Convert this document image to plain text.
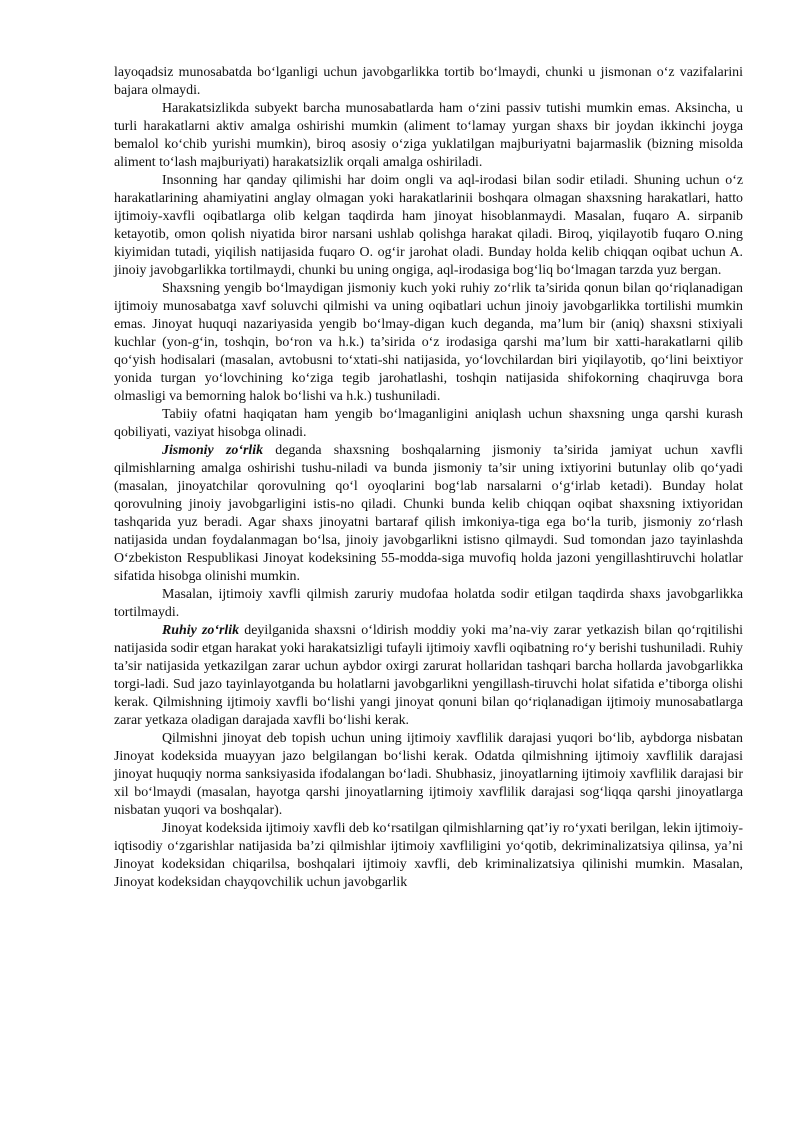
layoqadsiz munosabatda bo‘lganligi uchun javobgarlikka tortib bo‘lmaydi, chunki u jismonan o‘z vazifalarini bajara olmaydi.

Harakatsizlikda subyekt barcha munosabatlarda ham o‘zini passiv tutishi mumkin emas. Aksincha, u turli harakatlarni aktiv amalga oshirishi mumkin (aliment to‘lamay yurgan shaxs bir joydan ikkinchi joyga bemalol ko‘chib yurishi mumkin), biroq asosiy o‘ziga yuklatilgan majburiyatni bajarmaslik (bizning misolda aliment to‘lash majburiyati) harakatsizlik orqali amalga oshiriladi.

Insonning har qanday qilimishi har doim ongli va aql-irodasi bilan sodir etiladi. Shuning uchun o‘z harakatlarining ahamiyatini anglay olmagan yoki harakatlarinii boshqara olmagan shaxsning harakatlari, hatto ijtimoiy-xavfli oqibatlarga olib kelgan taqdirda ham jinoyat hisoblanmaydi. Masalan, fuqaro A. sirpanib ketayotib, omon qolish niyatida biror narsani ushlab qolishga harakat qiladi. Biroq, yiqilayotib fuqaro O.ning kiyimidan tutadi, yiqilish natijasida fuqaro O. og‘ir jarohat oladi. Bunday holda kelib chiqqan oqibat uchun A. jinoiy javobgarlikka tortilmaydi, chunki bu uning ongiga, aql-irodasiga bog‘liq bo‘lmagan tarzda yuz bergan.

Shaxsning yengib bo‘lmaydigan jismoniy kuch yoki ruhiy zo‘rlik ta’sirida qonun bilan qo‘riqlanadigan ijtimoiy munosabatga xavf soluvchi qilmishi va uning oqibatlari uchun jinoiy javobgarlikka tortilishi mumkin emas. Jinoyat huquqi nazariyasida yengib bo‘lmay-digan kuch deganda, ma’lum bir (aniq) shaxsni stixiyali kuchlar (yon-g‘in, toshqin, bo‘ron va h.k.) ta’sirida o‘z irodasiga qarshi ma’lum bir xatti-harakatlarni qilib qo‘yish hodisalari (masalan, avtobusni to‘xtati-shi natijasida, yo‘lovchilardan biri yiqilayotib, qo‘lini beixtiyor yonida turgan yo‘lovchining ko‘ziga tegib jarohatlashi, toshqin natijasida shifokorning chaqiruvga bora olmasligi va bemorning halok bo‘lishi va h.k.) tushuniladi.

Tabiiy ofatni haqiqatan ham yengib bo‘lmaganligini aniqlash uchun shaxsning unga qarshi kurash qobiliyati, vaziyat hisobga olinadi.

Jismoniy zo‘rlik deganda shaxsning boshqalarning jismoniy ta’sirida jamiyat uchun xavfli qilmishlarning amalga oshirishi tushu-niladi va bunda jismoniy ta’sir uning ixtiyorini butunlay olib qo‘yadi (masalan, jinoyatchilar qorovulning qo‘l oyoqlarini bog‘lab narsalarni o‘g‘irlab ketadi). Bunday holat qorovulning jinoiy javobgarligini istis-no qiladi. Chunki bunda kelib chiqqan oqibat shaxsning ixtiyoridan tashqarida yuz beradi. Agar shaxs jinoyatni bartaraf qilish imkoniya-tiga ega bo‘la turib, jismoniy zo‘rlash natijasida undan foydalanmagan bo‘lsa, jinoiy javobgarlikni istisno qilmaydi. Sud tomondan jazo tayinlashda O‘zbekiston Respublikasi Jinoyat kodeksining 55-modda-siga muvofiq holda jazoni yengillashtiruvchi holatlar sifatida hisobga olinishi mumkin.

Masalan, ijtimoiy xavfli qilmish zaruriy mudofaa holatda sodir etilgan taqdirda shaxs javobgarlikka tortilmaydi.

Ruhiy zo‘rlik deyilganida shaxsni o‘ldirish moddiy yoki ma’na-viy zarar yetkazish bilan qo‘rqitilishi natijasida sodir etgan harakat yoki harakatsizligi tufayli ijtimoiy xavfli oqibatning ro‘y berishi tushuniladi. Ruhiy ta’sir natijasida yetkazilgan zarar uchun aybdor oxirgi zarurat hollaridan tashqari barcha hollarda javobgarlikka torgi-ladi. Sud jazo tayinlayotganda bu holatlarni javobgarlikni yengillash-tiruvchi holat sifatida e’tiborga olishi kerak. Qilmishning ijtimoiy xavfli bo‘lishi yangi jinoyat qonuni bilan qo‘riqlanadigan ijtimoiy munosabatlarga zarar yetkaza oladigan darajada xavfli bo‘lishi kerak.

Qilmishni jinoyat deb topish uchun uning ijtimoiy xavflilik darajasi yuqori bo‘lib, aybdorga nisbatan Jinoyat kodeksida muayyan jazo belgilangan bo‘lishi kerak. Odatda qilmishning ijtimoiy xavflilik darajasi jinoyat huquqiy norma sanksiyasida ifodalangan bo‘ladi. Shubhasiz, jinoyatlarning ijtimoiy xavflilik darajasi bir xil bo‘lmaydi (masalan, hayotga qarshi jinoyatlarning ijtimoiy xavflilik darajasi sog‘liqqa qarshi jinoyatlarga nisbatan yuqori va boshqalar).

Jinoyat kodeksida ijtimoiy xavfli deb ko‘rsatilgan qilmishlarning qat’iy ro‘yxati berilgan, lekin ijtimoiy-iqtisodiy o‘zgarishlar natijasida ba’zi qilmishlar ijtimoiy xavfliligini yo‘qotib, dekriminalizatsiya qilinsa, ya’ni Jinoyat kodeksidan chiqarilsa, boshqalari ijtimoiy xavfli, deb kriminalizatsiya qilinishi mumkin. Masalan, Jinoyat kodeksidan chayqovchilik uchun javobgarlik
